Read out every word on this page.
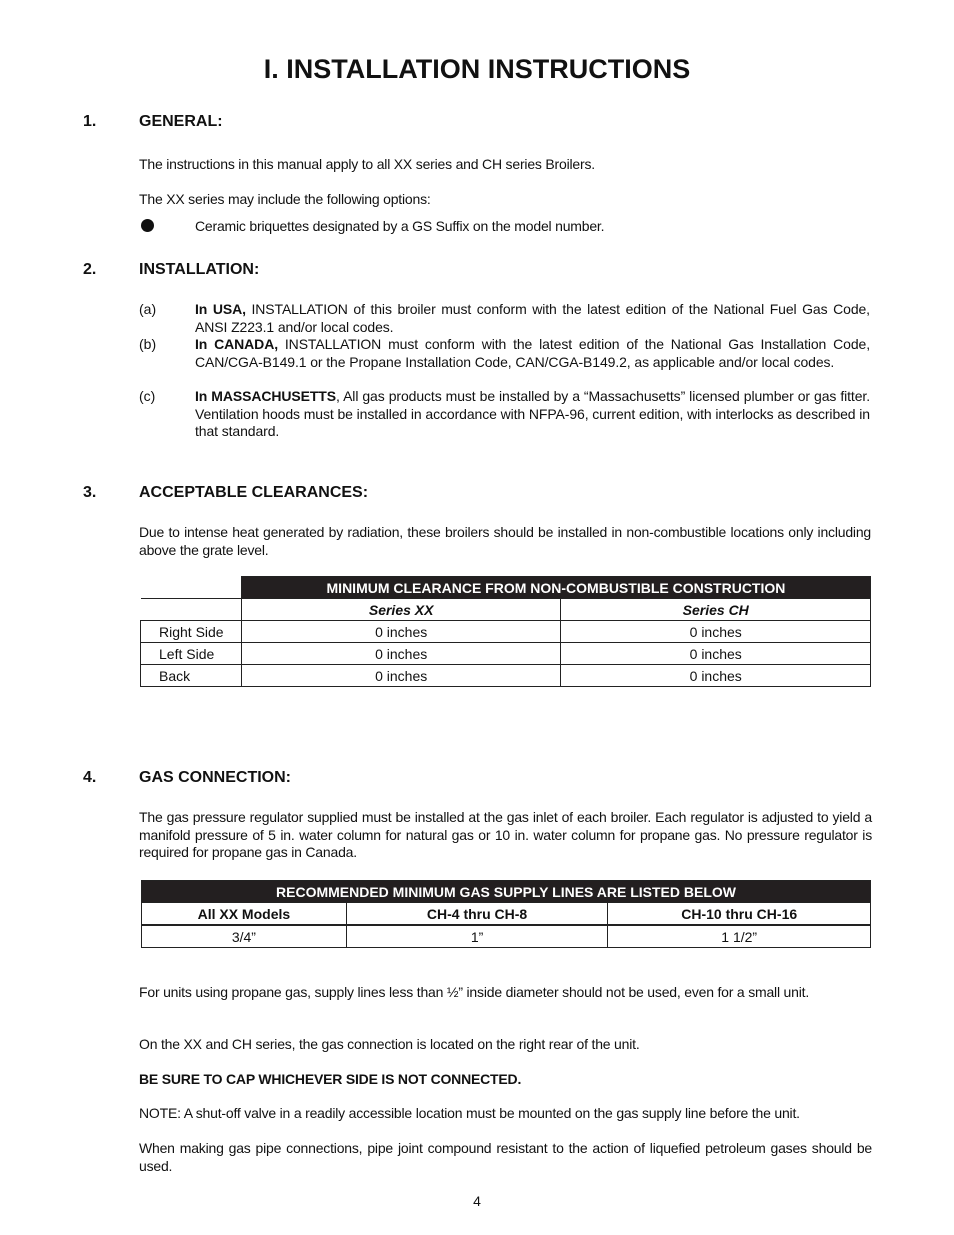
I. INSTALLATION INSTRUCTIONS
1.	GENERAL:
The instructions in this manual apply to all XX series and CH series Broilers.
The XX series may include the following options:
Ceramic briquettes designated by a GS Suffix on the model number.
2.	INSTALLATION:
(a)	In USA, INSTALLATION of this broiler must conform with the latest edition of the National Fuel Gas Code, ANSI Z223.1 and/or local codes.
(b)	In CANADA, INSTALLATION must conform with the latest edition of the National Gas Installation Code, CAN/CGA-B149.1 or the Propane Installation Code, CAN/CGA-B149.2, as applicable and/or local codes.
(c)	In MASSACHUSETTS, All gas products must be installed by a “Massachusetts” licensed plumber or gas fitter. Ventilation hoods must be installed in accordance with NFPA-96, current edition, with interlocks as described in that standard.
3.	ACCEPTABLE CLEARANCES:
Due to intense heat generated by radiation, these broilers should be installed in non-combustible locations only including above the grate level.
	MINIMUM CLEARANCE FROM NON-COMBUSTIBLE CONSTRUCTION	
	Series XX	Series CH
Right Side	0 inches	0 inches
Left Side	0 inches	0 inches
Back	0 inches	0 inches
4.	GAS CONNECTION:
The gas pressure regulator supplied must be installed at the gas inlet of each broiler. Each regulator is adjusted to yield a manifold pressure of 5 in. water column for natural gas or 10 in. water column for propane gas. No pressure regulator is required for propane gas in Canada.
RECOMMENDED MINIMUM GAS SUPPLY LINES ARE LISTED BELOW		
All XX Models	CH-4 thru CH-8	CH-10 thru CH-16
3/4”	1”	1 1/2”
For units using propane gas, supply lines less than ½” inside diameter should not be used, even for a small unit.
On the XX and CH series, the gas connection is located on the right rear of the unit.
BE SURE TO CAP WHICHEVER SIDE IS NOT CONNECTED.
NOTE: A shut-off valve in a readily accessible location must be mounted on the gas supply line before the unit.
When making gas pipe connections, pipe joint compound resistant to the action of liquefied petroleum gases should be used.
4
